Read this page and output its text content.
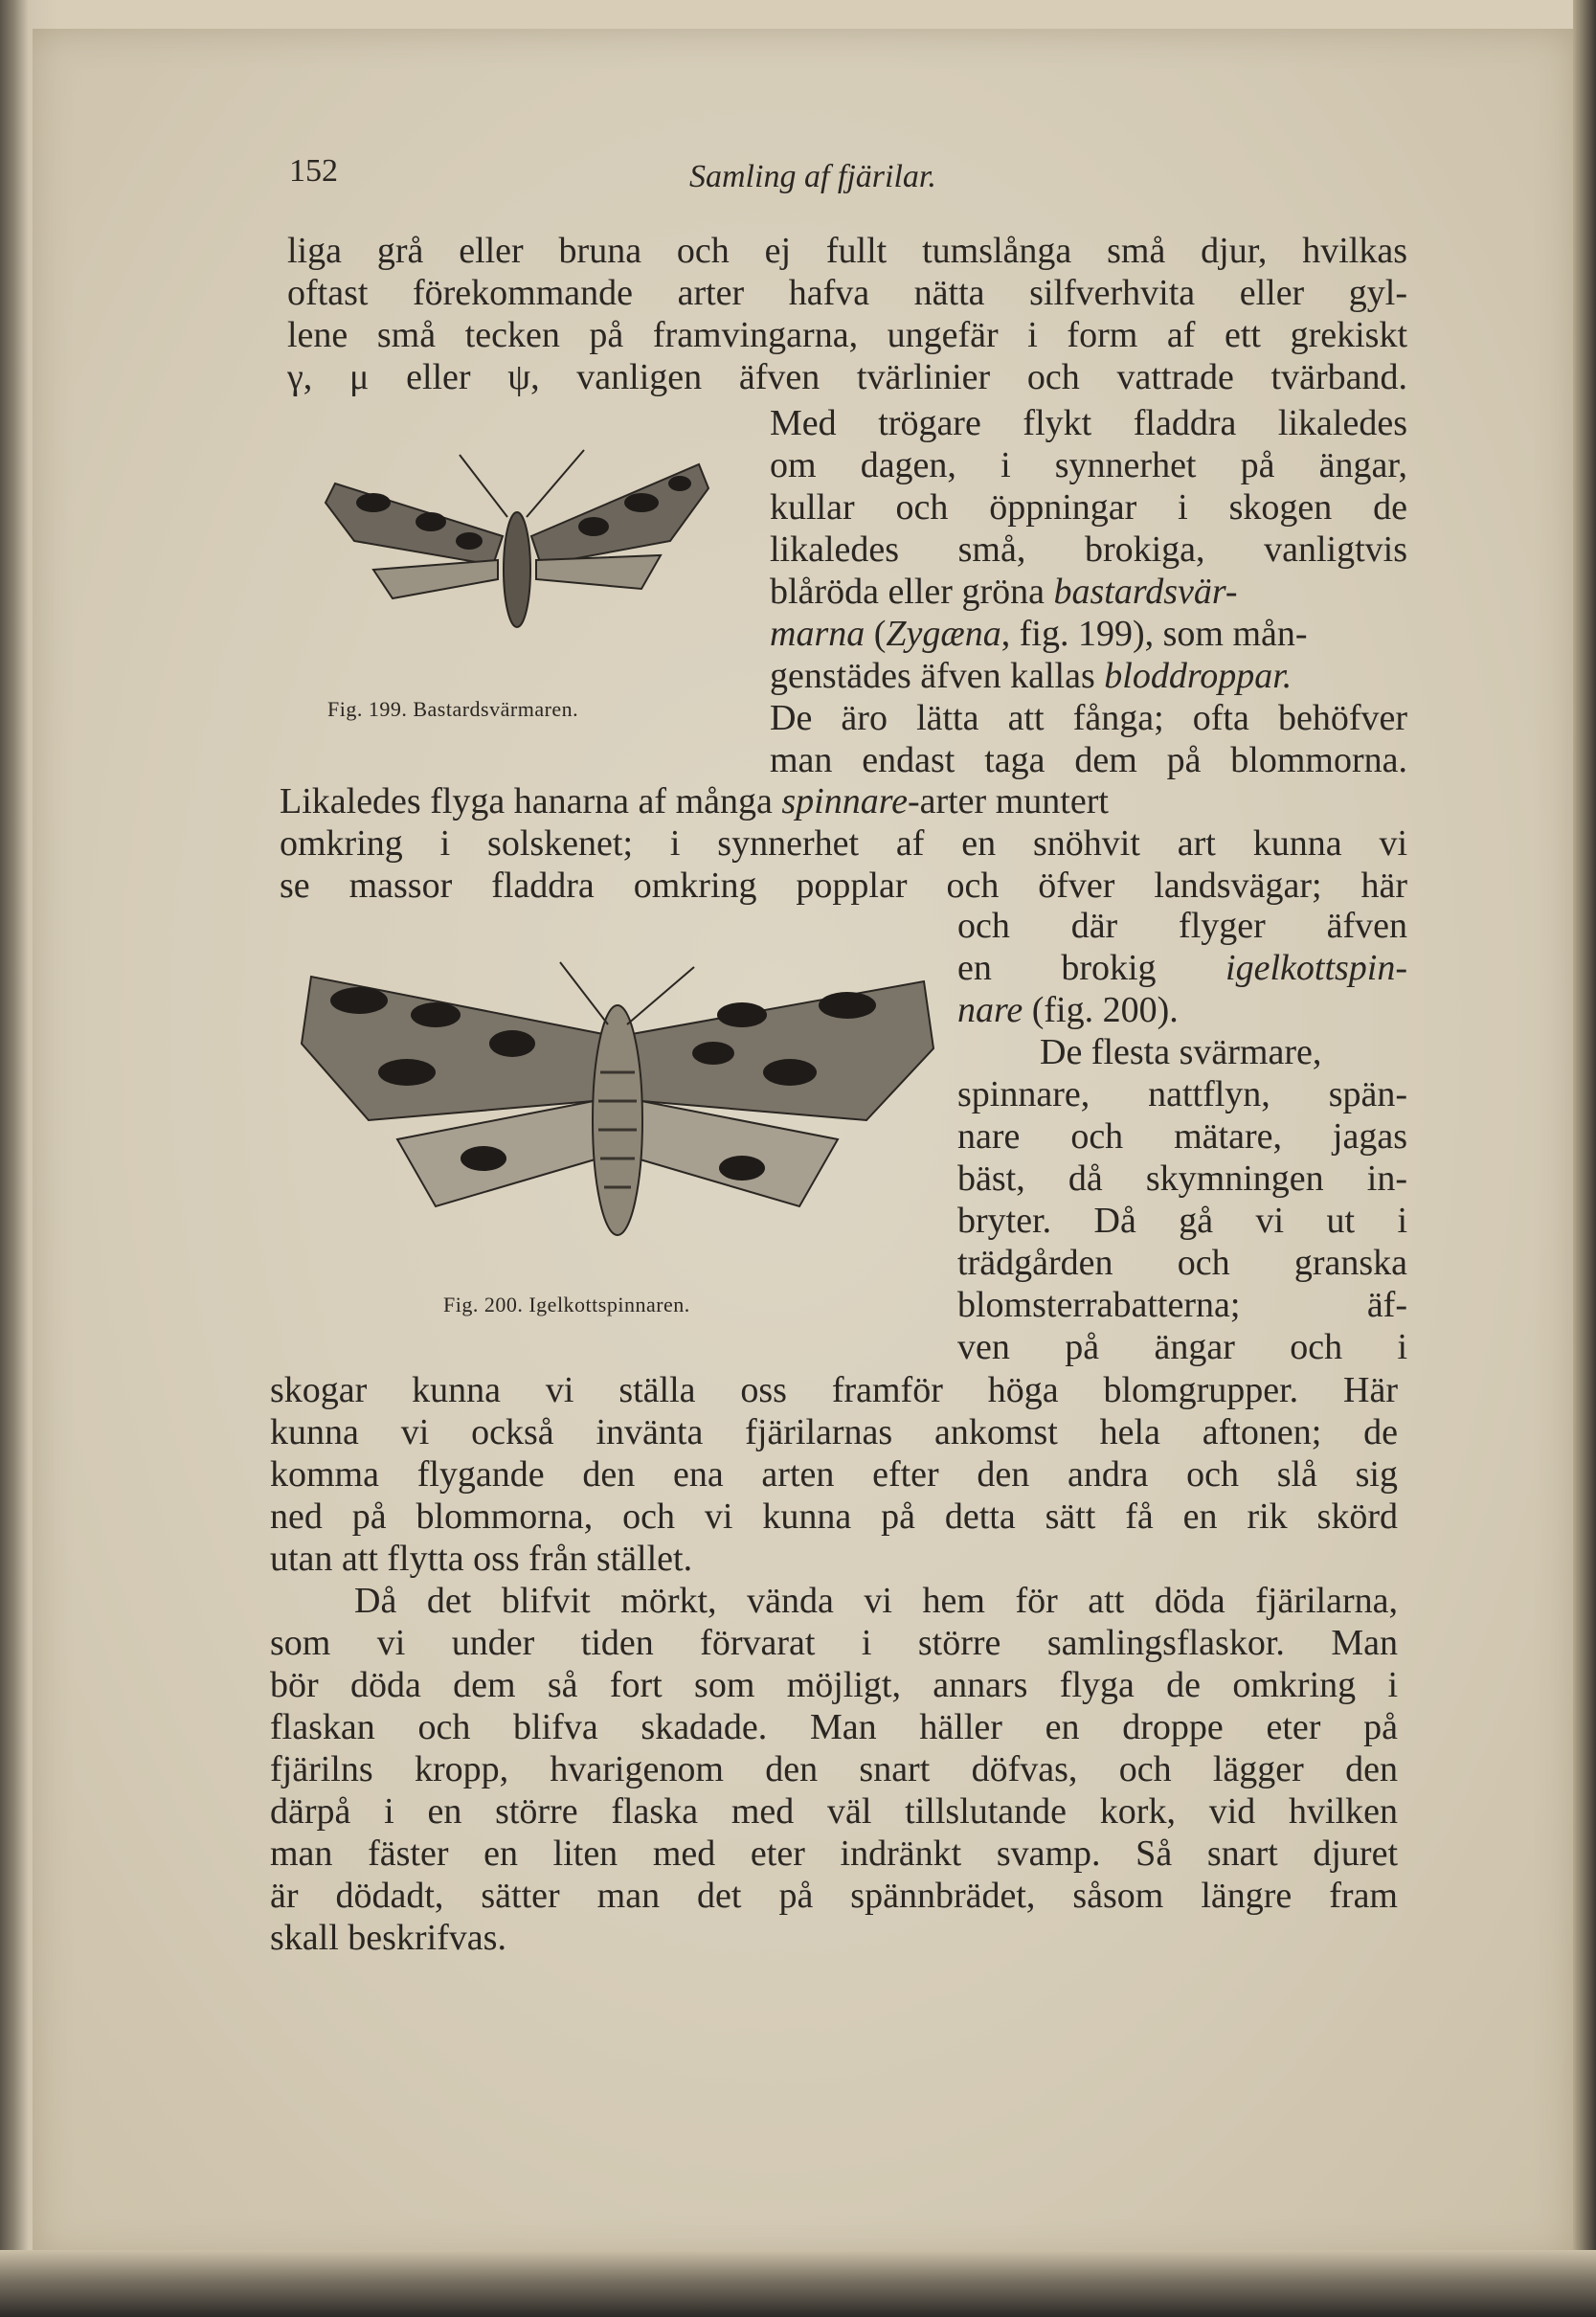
152	Samling af fjärilar.
liga grå eller bruna och ej fullt tumslånga små djur, hvilkas
oftast förekommande arter hafva nätta silfverhvita eller gyl-
lene små tecken på framvingarna, ungefär i form af ett grekiskt
γ, μ eller ψ, vanligen äfven tvärlinier och vattrade tvärband.
Fig. 199. Bastardsvärmaren.
Med trögare flykt fladdra likaledes
om dagen, i synnerhet på ängar,
kullar och öppningar i skogen de
likaledes små, brokiga, vanligtvis
blåröda eller gröna bastardsvär-
marna (Zygæna, fig. 199), som mån-
genstädes äfven kallas bloddroppar.
De äro lätta att fånga; ofta behöfver
man endast taga dem på blommorna.
Likaledes flyga hanarna af många spinnare-arter muntert
omkring i solskenet; i synnerhet af en snöhvit art kunna vi
se massor fladdra omkring popplar och öfver landsvägar; här
Fig. 200. Igelkottspinnaren.
och där flyger äfven
en brokig igelkottspin-
nare (fig. 200).
De flesta svärmare,
spinnare, nattflyn, spän-
nare och mätare, jagas
bäst, då skymningen in-
bryter. Då gå vi ut i
trädgården och granska
blomsterrabatterna; äf-
ven på ängar och i
skogar kunna vi ställa oss framför höga blomgrupper. Här
kunna vi också invänta fjärilarnas ankomst hela aftonen; de
komma flygande den ena arten efter den andra och slå sig
ned på blommorna, och vi kunna på detta sätt få en rik skörd
utan att flytta oss från stället.
Då det blifvit mörkt, vända vi hem för att döda fjärilarna,
som vi under tiden förvarat i större samlingsflaskor. Man
bör döda dem så fort som möjligt, annars flyga de omkring i
flaskan och blifva skadade. Man häller en droppe eter på
fjärilns kropp, hvarigenom den snart döfvas, och lägger den
därpå i en större flaska med väl tillslutande kork, vid hvilken
man fäster en liten med eter indränkt svamp. Så snart djuret
är dödadt, sätter man det på spännbrädet, såsom längre fram
skall beskrifvas.
